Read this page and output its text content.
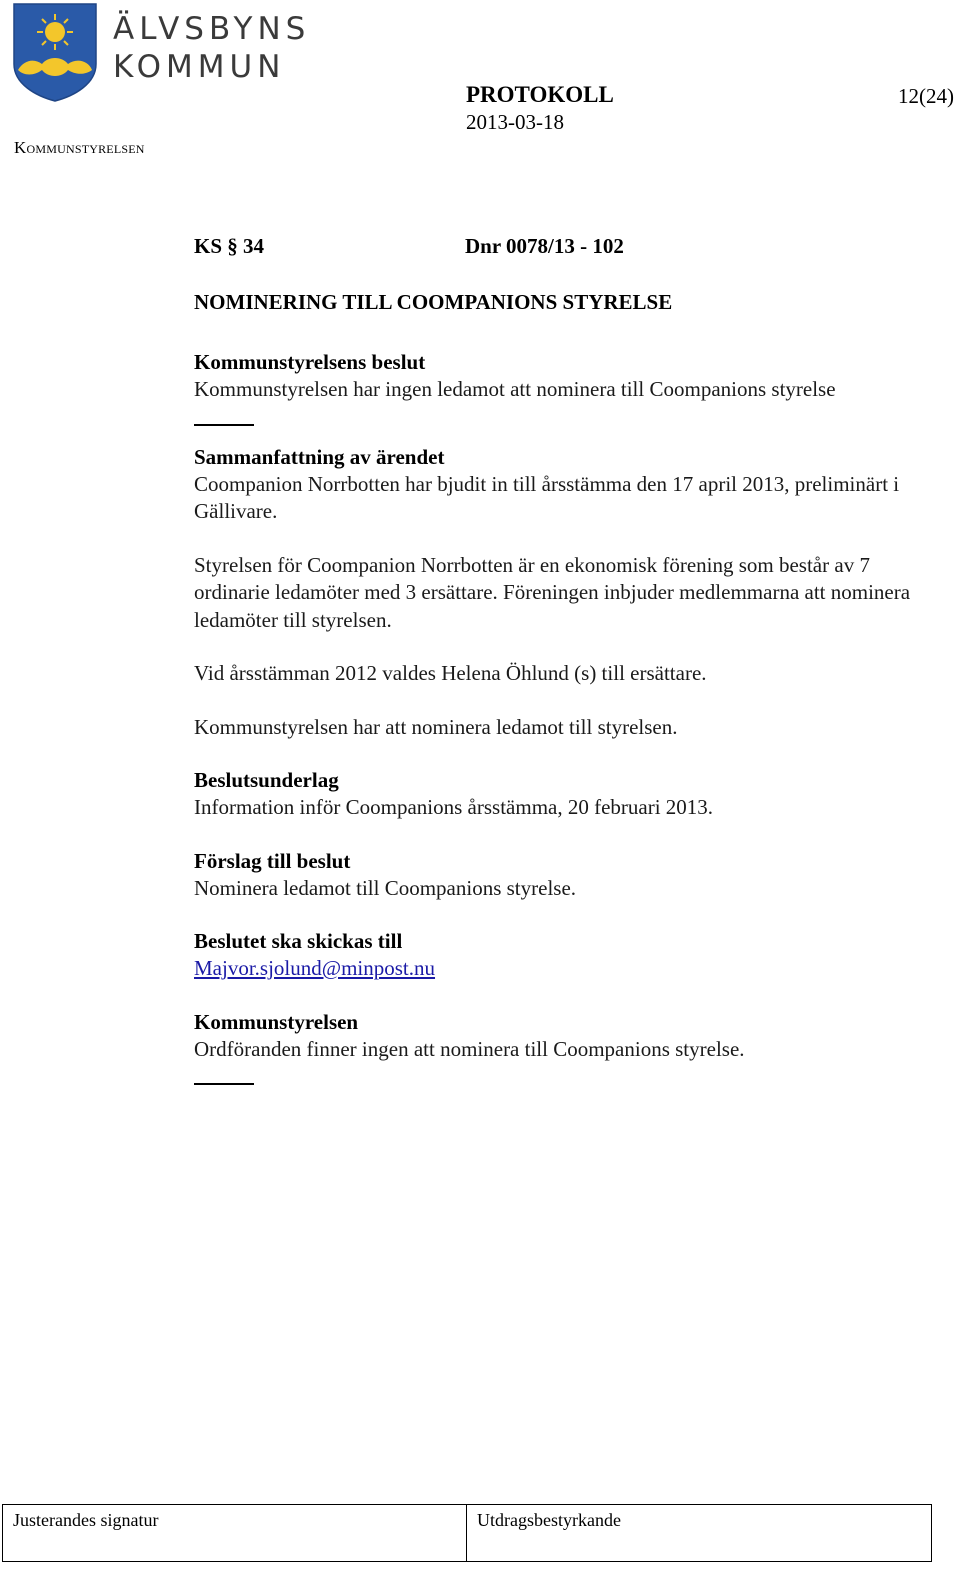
ÄLVSBYNS
KOMMUN
Kommunstyrelsen
PROTOKOLL
2013-03-18
12(24)
KS § 34	Dnr 0078/13 - 102
NOMINERING TILL COOMPANIONS STYRELSE
Kommunstyrelsens beslut
Kommunstyrelsen har ingen ledamot att nominera till Coompanions styrelse
Sammanfattning av ärendet
Coompanion Norrbotten har bjudit in till årsstämma den 17 april 2013, preliminärt i Gällivare.
Styrelsen för Coompanion Norrbotten är en ekonomisk förening som består av 7 ordinarie ledamöter med 3 ersättare. Föreningen inbjuder medlemmarna att nominera ledamöter till styrelsen.
Vid årsstämman 2012 valdes Helena Öhlund (s) till ersättare.
Kommunstyrelsen har att nominera ledamot till styrelsen.
Beslutsunderlag
Information inför Coompanions årsstämma, 20 februari 2013.
Förslag till beslut
Nominera ledamot till Coompanions styrelse.
Beslutet ska skickas till
Majvor.sjolund@minpost.nu
Kommunstyrelsen
Ordföranden finner ingen att nominera till Coompanions styrelse.
Justerandes signatur	Utdragsbestyrkande
